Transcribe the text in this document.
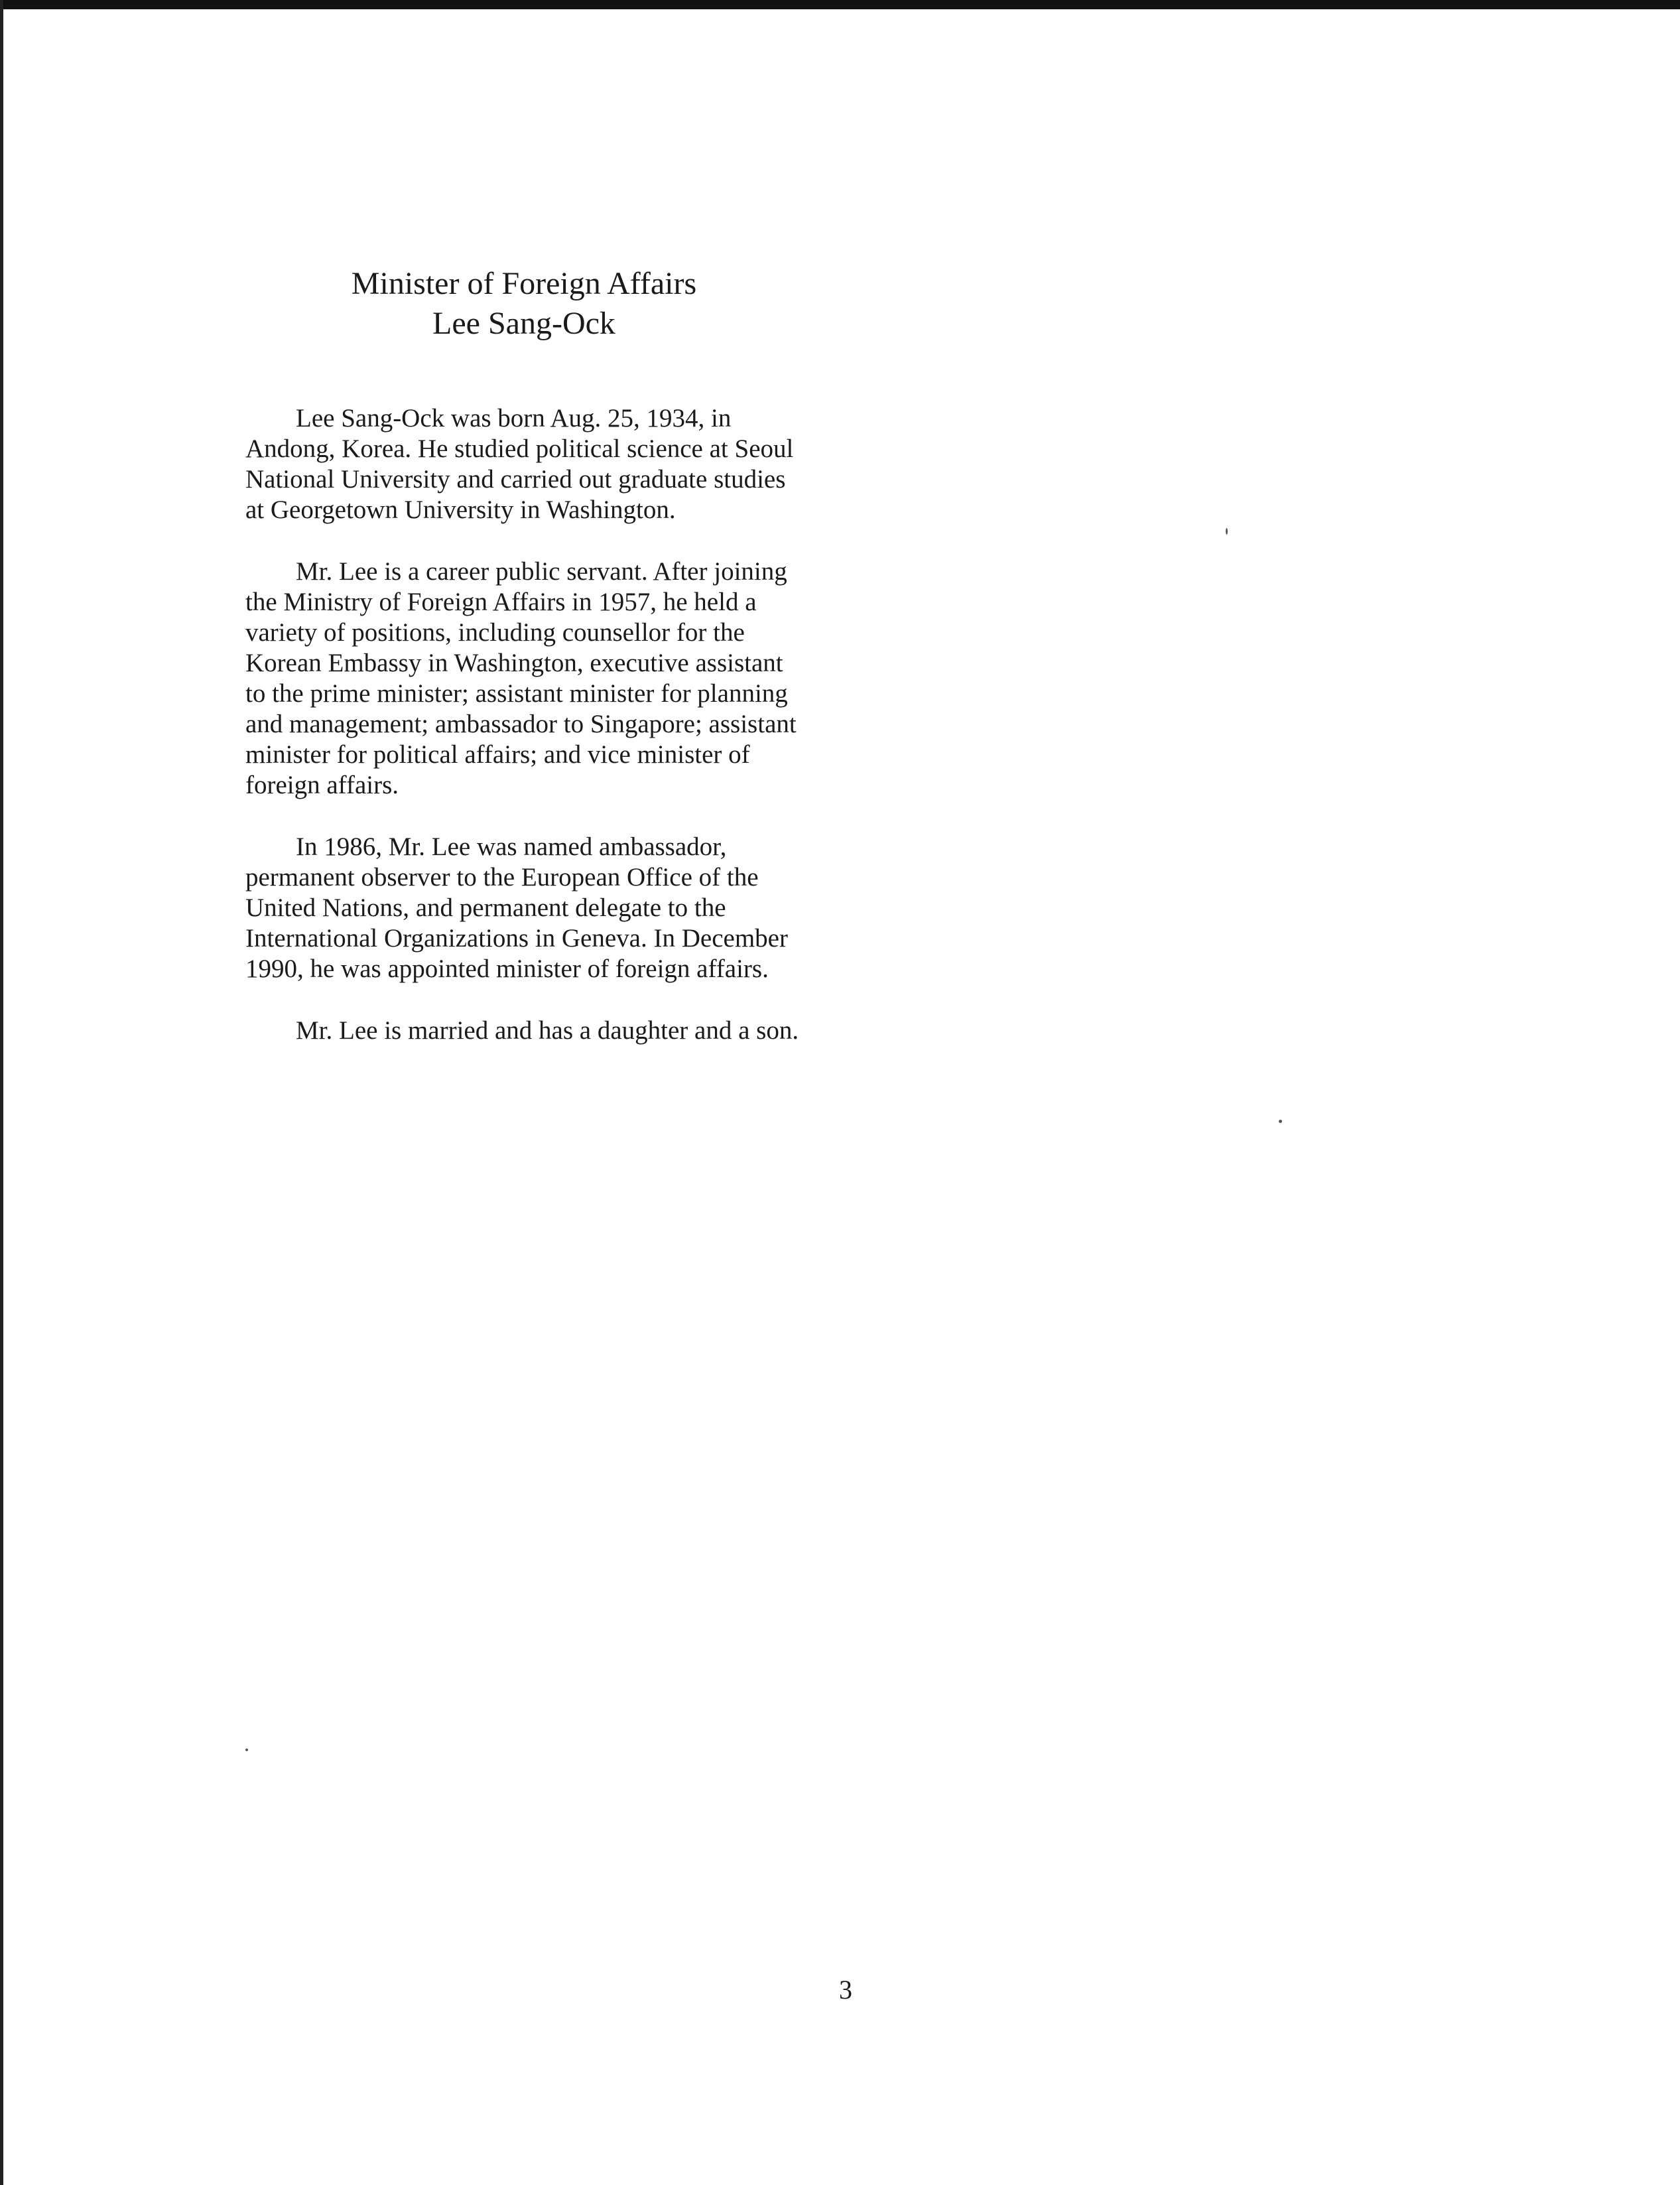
Minister of Foreign Affairs
Lee Sang-Ock

Lee Sang-Ock was born Aug. 25, 1934, in Andong, Korea. He studied political science at Seoul National University and carried out graduate studies at Georgetown University in Washington.

Mr. Lee is a career public servant. After joining the Ministry of Foreign Affairs in 1957, he held a variety of positions, including counsellor for the Korean Embassy in Washington, executive assistant to the prime minister; assistant minister for planning and management; ambassador to Singapore; assistant minister for political affairs; and vice minister of foreign affairs.

In 1986, Mr. Lee was named ambassador, permanent observer to the European Office of the United Nations, and permanent delegate to the International Organizations in Geneva. In December 1990, he was appointed minister of foreign affairs.

Mr. Lee is married and has a daughter and a son.

3
